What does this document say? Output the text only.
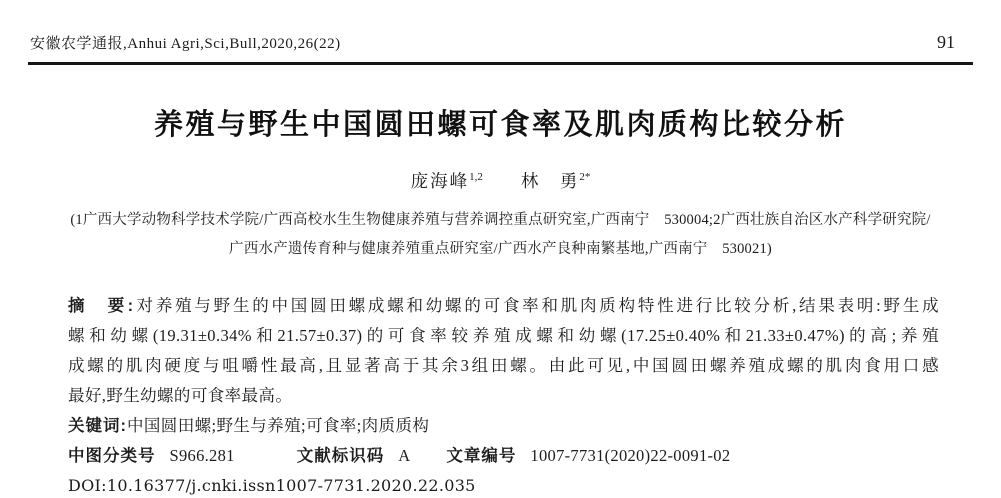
安徽农学通报,Anhui Agri,Sci,Bull,2020,26(22)	91
养殖与野生中国圆田螺可食率及肌肉质构比较分析
庞海峰$^{1,2}$ 林　勇$^{2*}$
(1广西大学动物科学技术学院/广西高校水生生物健康养殖与营养调控重点研究室,广西南宁　530004;2广西壮族自治区水产科学研究院/
广西水产遗传育种与健康养殖重点研究室/广西水产良种南繁基地,广西南宁　530021)
摘　要:对养殖与野生的中国圆田螺成螺和幼螺的可食率和肌肉质构特性进行比较分析,结果表明:野生成
螺和幼螺(19.31±0.34%和21.57±0.37)的可食率较养殖成螺和幼螺(17.25±0.40%和21.33±0.47%)的高;养殖
成螺的肌肉硬度与咀嚼性最高,且显著高于其余3组田螺。由此可见,中国圆田螺养殖成螺的肌肉食用口感
最好,野生幼螺的可食率最高。
关键词:中国圆田螺;野生与养殖;可食率;肉质质构
中图分类号 S966.281	文献标识码 A 文章编号 1007-7731(2020)22-0091-02
DOI:10.16377/j.cnki.issn1007-7731.2020.22.035
